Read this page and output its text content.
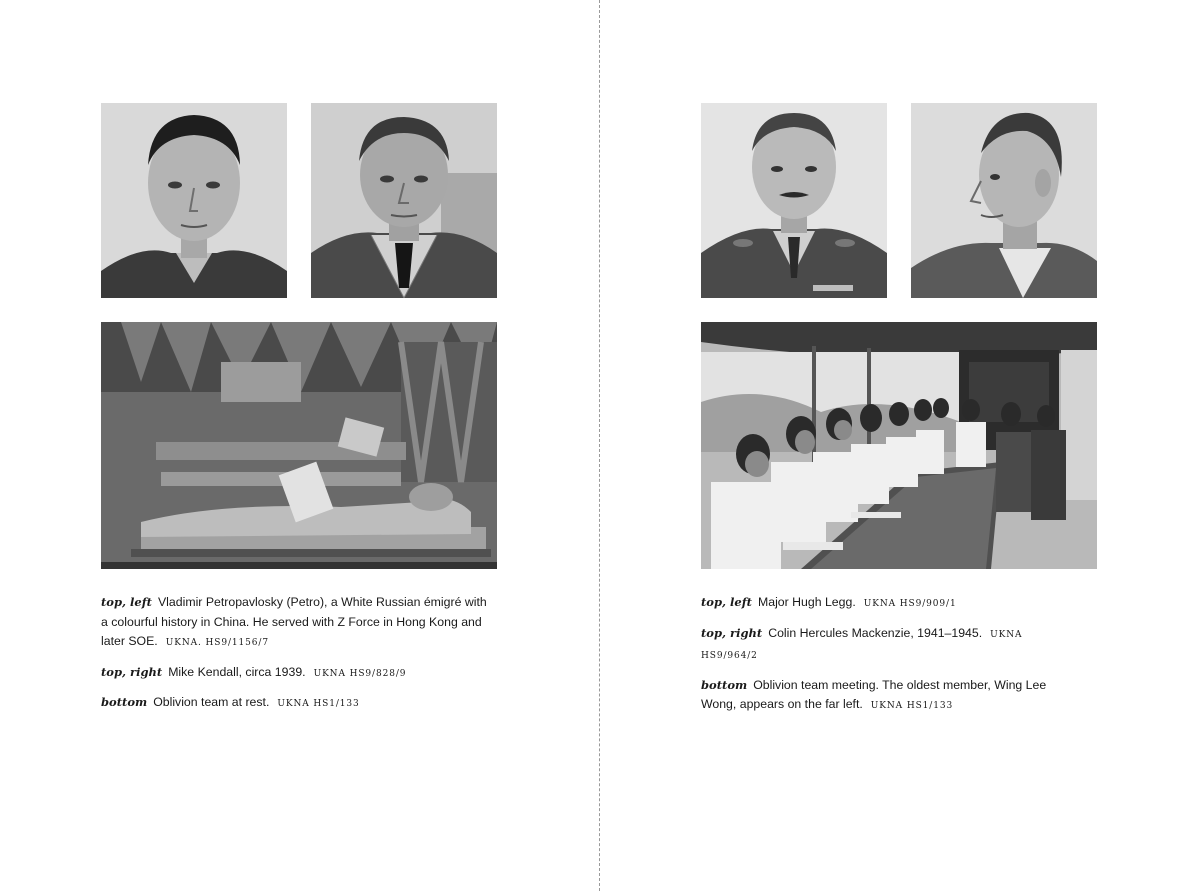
top, left Vladimir Petropavlosky (Petro), a White Russian émigré with a colourful history in China. He served with Z Force in Hong Kong and later SOE. UKNA. HS9/1156/7

top, right Mike Kendall, circa 1939. UKNA HS9/828/9

bottom Oblivion team at rest. UKNA HS1/133

top, left Major Hugh Legg. UKNA HS9/909/1

top, right Colin Hercules Mackenzie, 1941–1945. UKNA HS9/964/2

bottom Oblivion team meeting. The oldest member, Wing Lee Wong, appears on the far left. UKNA HS1/133
